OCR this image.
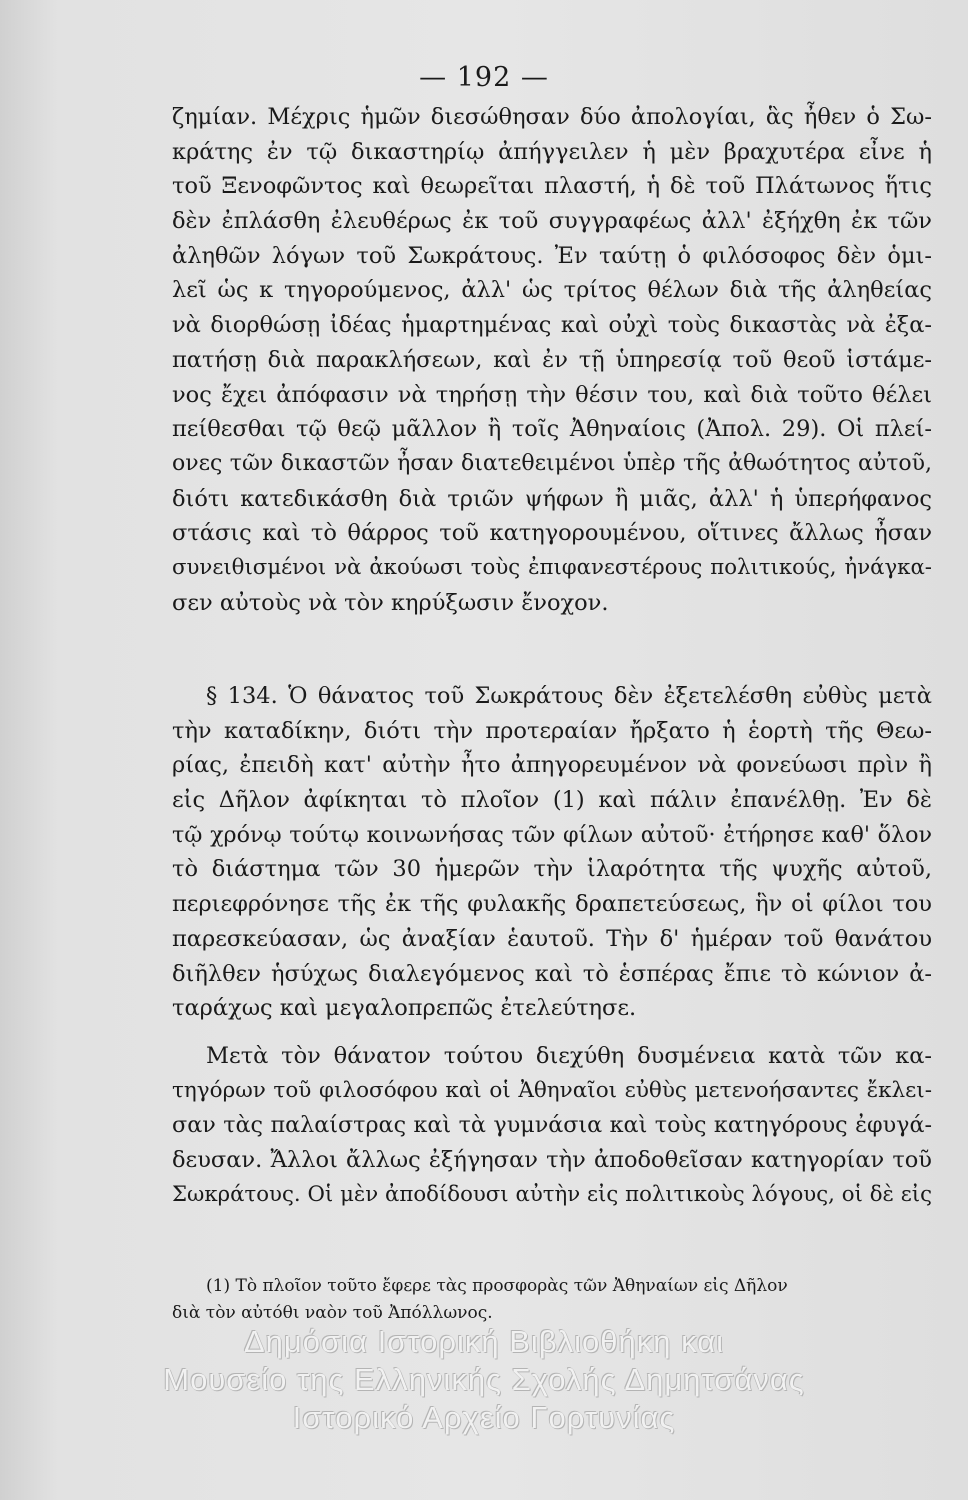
— 192 —
ζημίαν. Μέχρις ἡμῶν διεσώθησαν δύο ἀπολογίαι, ἃς ἦθεν ὁ Σω-
κράτης ἐν τῷ δικαστηρίῳ ἀπήγγειλεν ἡ μὲν βραχυτέρα εἶνε ἡ
τοῦ Ξενοφῶντος καὶ θεωρεῖται πλαστή, ἡ δὲ τοῦ Πλάτωνος ἥτις
δὲν ἐπλάσθη ἐλευθέρως ἐκ τοῦ συγγραφέως ἀλλ' ἐξήχθη ἐκ τῶν
ἀληθῶν λόγων τοῦ Σωκράτους. Ἐν ταύτῃ ὁ φιλόσοφος δὲν ὁμι-
λεῖ ὡς κ τηγορούμενος, ἀλλ' ὡς τρίτος θέλων διὰ τῆς ἀληθείας
νὰ διορθώσῃ ἰδέας ἡμαρτημένας καὶ οὐχὶ τοὺς δικαστὰς νὰ ἐξα-
πατήσῃ διὰ παρακλήσεων, καὶ ἐν τῇ ὑπηρεσίᾳ τοῦ θεοῦ ἱστάμε-
νος ἔχει ἀπόφασιν νὰ τηρήσῃ τὴν θέσιν του, καὶ διὰ τοῦτο θέλει
πείθεσθαι τῷ θεῷ μᾶλλον ἢ τοῖς Ἀθηναίοις (Ἀπολ. 29). Οἱ πλεί-
ονες τῶν δικαστῶν ἦσαν διατεθειμένοι ὑπὲρ τῆς ἀθωότητος αὐτοῦ,
διότι κατεδικάσθη διὰ τριῶν ψήφων ἢ μιᾶς, ἀλλ' ἡ ὑπερήφανος
στάσις καὶ τὸ θάρρος τοῦ κατηγορουμένου, οἵτινες ἄλλως ἦσαν
συνειθισμένοι νὰ ἀκούωσι τοὺς ἐπιφανεστέρους πολιτικούς, ἠνάγκα-
σεν αὐτοὺς νὰ τὸν κηρύξωσιν ἔνοχον.
§ 134. Ὁ θάνατος τοῦ Σωκράτους δὲν ἐξετελέσθη εὐθὺς μετὰ
τὴν καταδίκην, διότι τὴν προτεραίαν ἤρξατο ἡ ἑορτὴ τῆς Θεω-
ρίας, ἐπειδὴ κατ' αὐτὴν ἦτο ἀπηγορευμένον νὰ φονεύωσι πρὶν ἢ
εἰς Δῆλον ἀφίκηται τὸ πλοῖον (1) καὶ πάλιν ἐπανέλθῃ. Ἐν δὲ
τῷ χρόνῳ τούτῳ κοινωνήσας τῶν φίλων αὐτοῦ· ἐτήρησε καθ' ὅλον
τὸ διάστημα τῶν 30 ἡμερῶν τὴν ἱλαρότητα τῆς ψυχῆς αὐτοῦ,
περιεφρόνησε τῆς ἐκ τῆς φυλακῆς δραπετεύσεως, ἣν οἱ φίλοι του
παρεσκεύασαν, ὡς ἀναξίαν ἑαυτοῦ. Τὴν δ' ἡμέραν τοῦ θανάτου
διῆλθεν ἡσύχως διαλεγόμενος καὶ τὸ ἑσπέρας ἔπιε τὸ κώνιον ἀ-
ταράχως καὶ μεγαλοπρεπῶς ἐτελεύτησε.
Μετὰ τὸν θάνατον τούτου διεχύθη δυσμένεια κατὰ τῶν κα-
τηγόρων τοῦ φιλοσόφου καὶ οἱ Ἀθηναῖοι εὐθὺς μετενοήσαντες ἔκλει-
σαν τὰς παλαίστρας καὶ τὰ γυμνάσια καὶ τοὺς κατηγόρους ἐφυγά-
δευσαν. Ἄλλοι ἄλλως ἐξήγησαν τὴν ἀποδοθεῖσαν κατηγορίαν τοῦ
Σωκράτους. Οἱ μὲν ἀποδίδουσι αὐτὴν εἰς πολιτικοὺς λόγους, οἱ δὲ εἰς
(1) Τὸ πλοῖον τοῦτο ἔφερε τὰς προσφορὰς τῶν Ἀθηναίων εἰς Δῆλον
διὰ τὸν αὐτόθι ναὸν τοῦ Ἀπόλλωνος.
Δημόσια Ιστορική Βιβλιοθήκη και
Μουσείο της Ελληνικής Σχολής Δημητσάνας
Ιστορικό Αρχείο Γορτυνίας
